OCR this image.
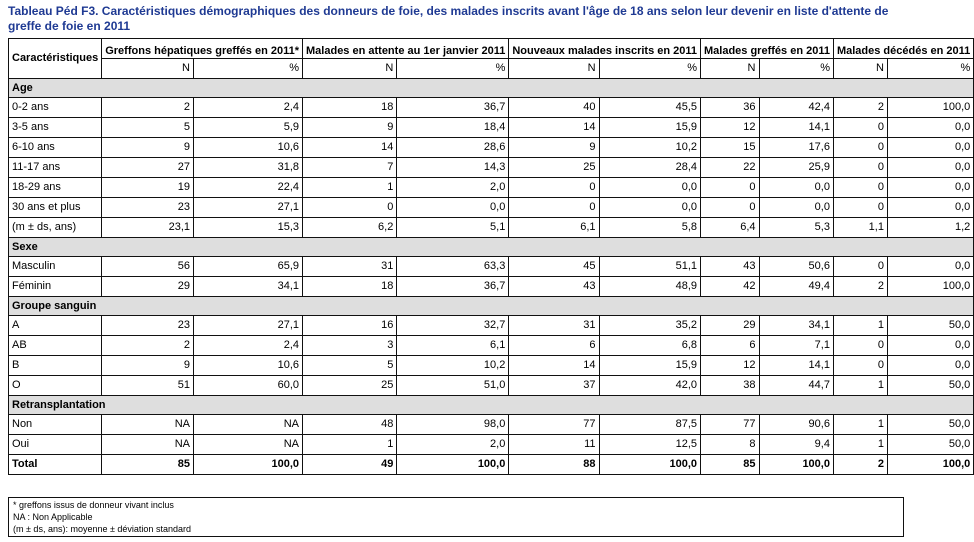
Tableau Péd F3. Caractéristiques démographiques des donneurs de foie, des malades inscrits avant l'âge de 18 ans selon leur devenir en liste d'attente de greffe de foie en 2011
Caractéristiques	Greffons hépatiques greffés en 2011*		Malades en attente au 1er janvier 2011		Nouveaux malades inscrits en 2011		Malades greffés en 2011		Malades décédés en 2011	
	N	%	N	%	N	%	N	%	N	%
Age										
0-2 ans	2	2,4	18	36,7	40	45,5	36	42,4	2	100,0
3-5 ans	5	5,9	9	18,4	14	15,9	12	14,1	0	0,0
6-10 ans	9	10,6	14	28,6	9	10,2	15	17,6	0	0,0
11-17 ans	27	31,8	7	14,3	25	28,4	22	25,9	0	0,0
18-29 ans	19	22,4	1	2,0	0	0,0	0	0,0	0	0,0
30 ans et plus	23	27,1	0	0,0	0	0,0	0	0,0	0	0,0
(m ± ds, ans)	23,1	15,3	6,2	5,1	6,1	5,8	6,4	5,3	1,1	1,2
Sexe										
Masculin	56	65,9	31	63,3	45	51,1	43	50,6	0	0,0
Féminin	29	34,1	18	36,7	43	48,9	42	49,4	2	100,0
Groupe sanguin										
A	23	27,1	16	32,7	31	35,2	29	34,1	1	50,0
AB	2	2,4	3	6,1	6	6,8	6	7,1	0	0,0
B	9	10,6	5	10,2	14	15,9	12	14,1	0	0,0
O	51	60,0	25	51,0	37	42,0	38	44,7	1	50,0
Retransplantation										
Non	NA	NA	48	98,0	77	87,5	77	90,6	1	50,0
Oui	NA	NA	1	2,0	11	12,5	8	9,4	1	50,0
Total	85	100,0	49	100,0	88	100,0	85	100,0	2	100,0
* greffons issus de donneur vivant inclus
NA : Non Applicable
(m ± ds, ans): moyenne ± déviation standard
